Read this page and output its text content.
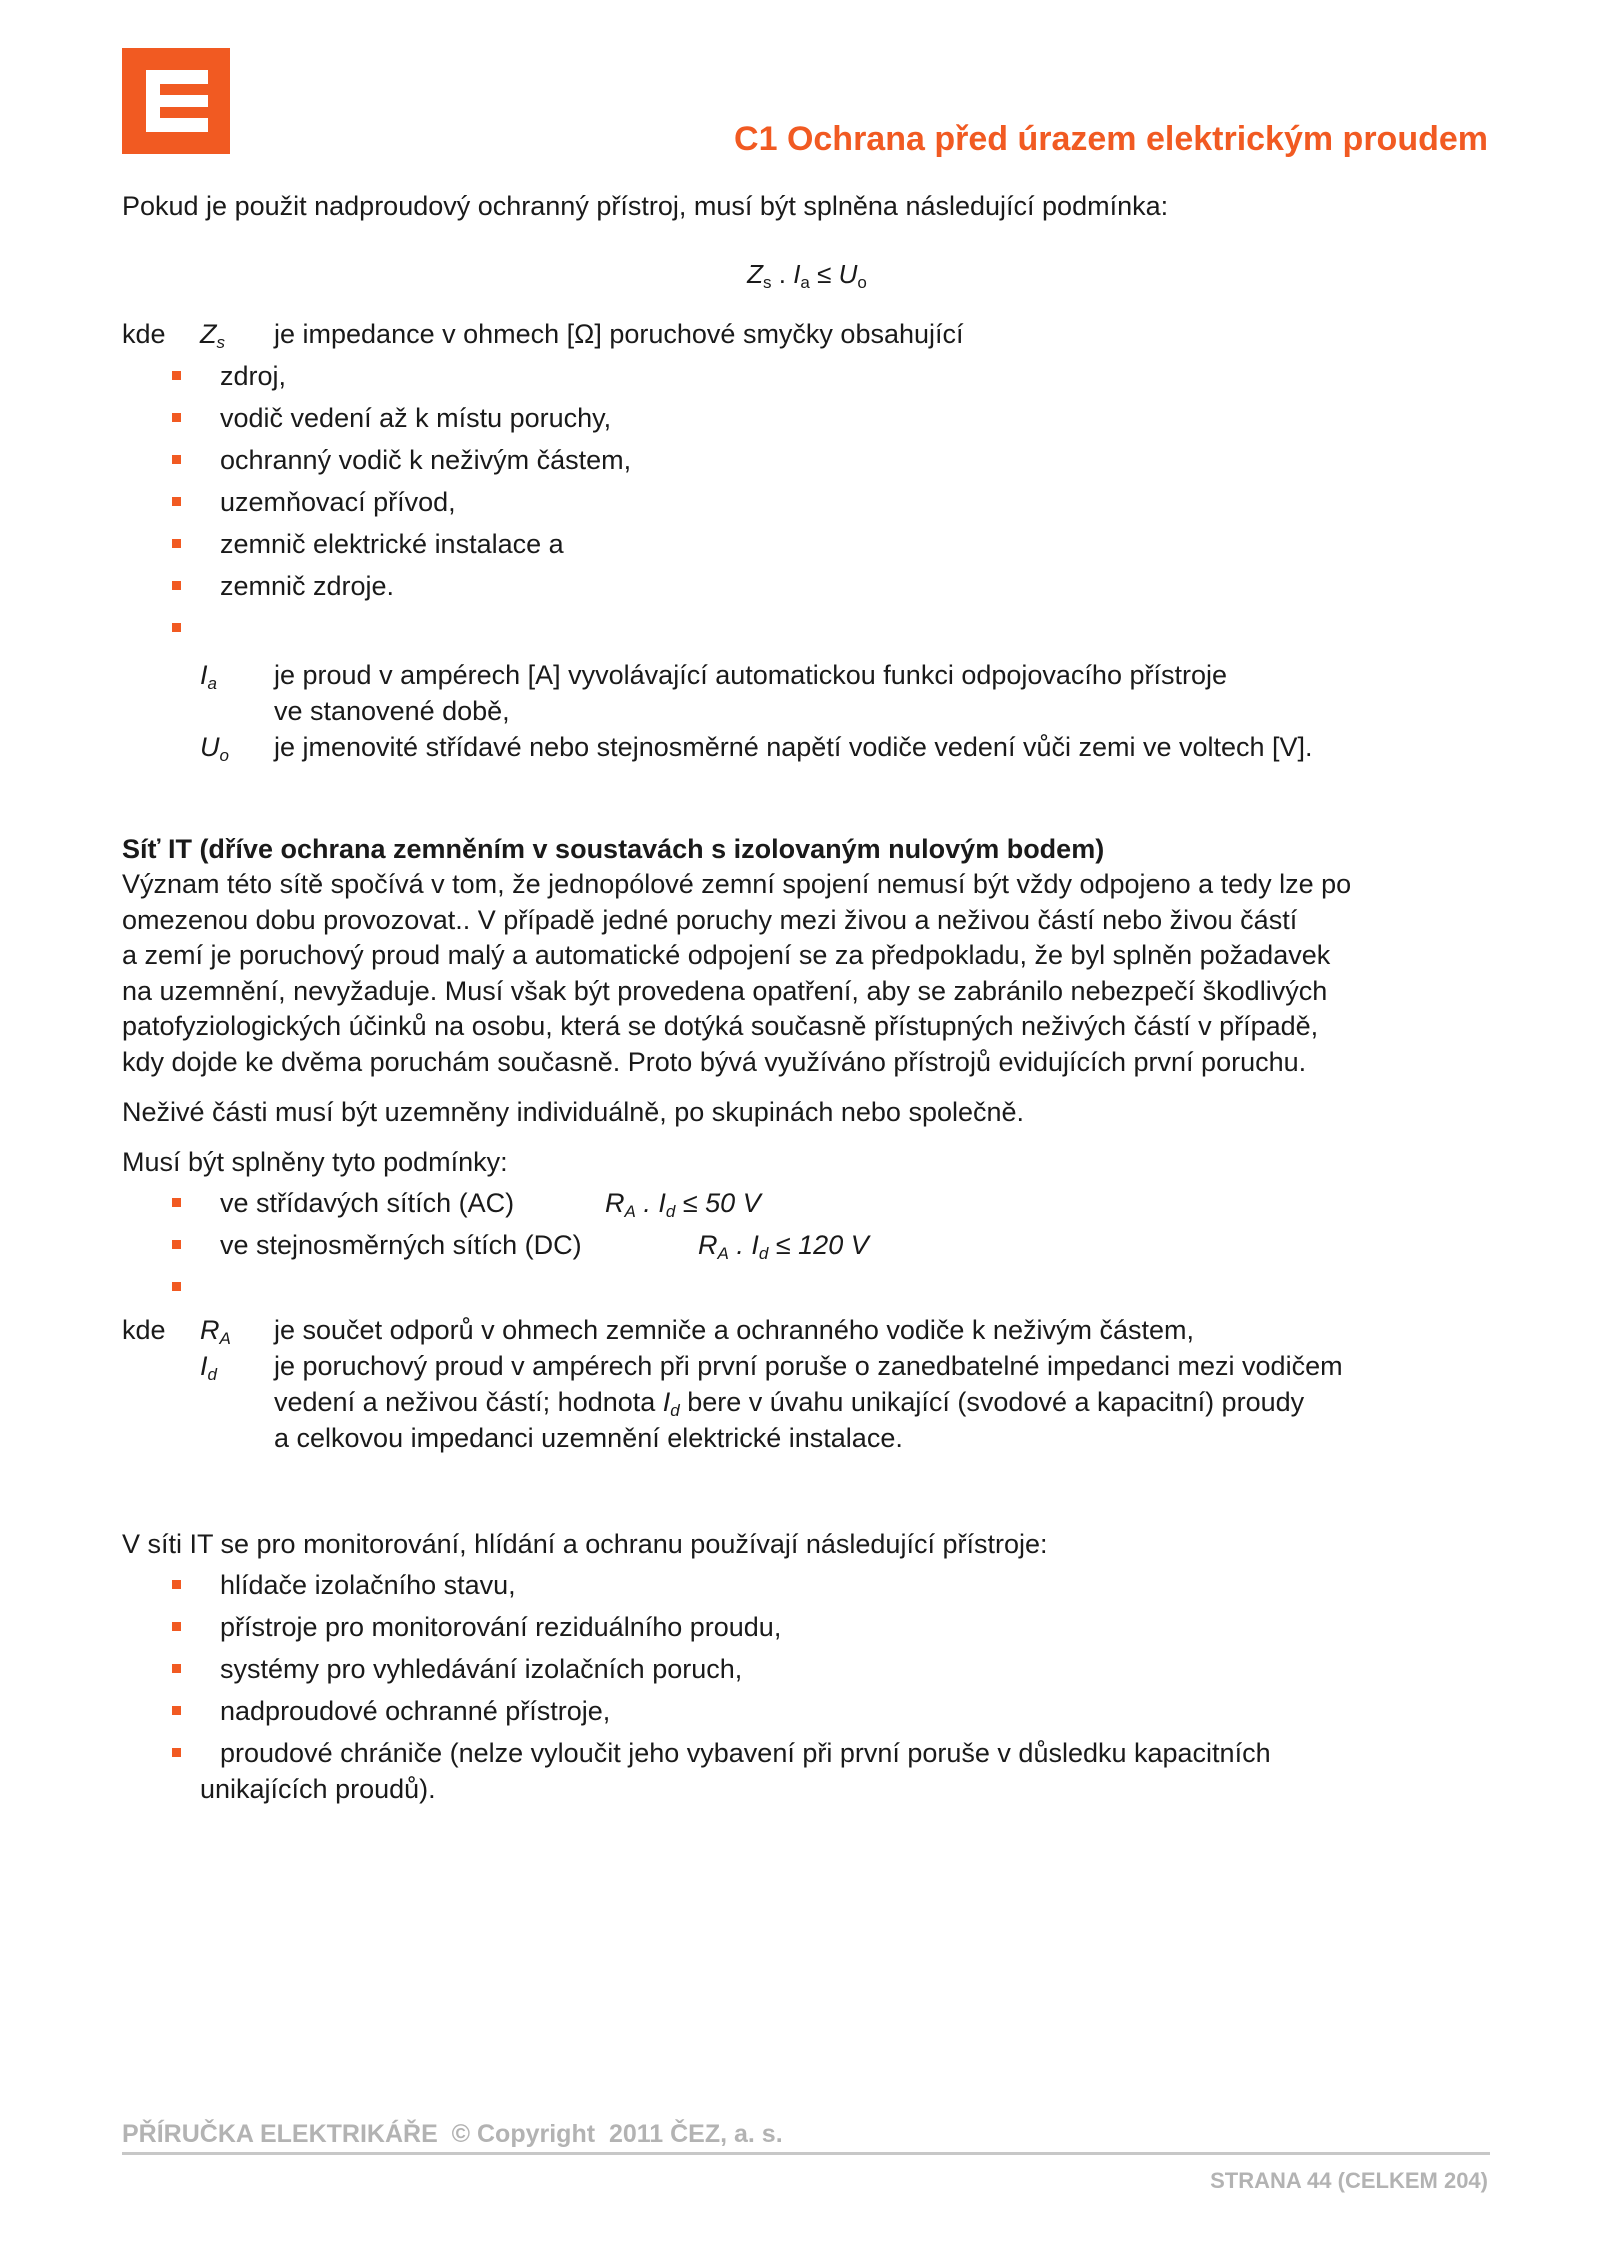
C1 Ochrana před úrazem elektrickým proudem

Pokud je použit nadproudový ochranný přístroj, musí být splněna následující podmínka:

$Z_s$ . $I_a \le U_o$
kde	$Z_s$	je impedance v ohmech [Ω] poruchové smyčky obsahující
zdroj,
vodič vedení až k místu poruchy,
ochranný vodič k neživým částem,
uzemňovací přívod,
zemnič elektrické instalace a
zemnič zdroje.
$I_a$	je proud v ampérech [A] vyvolávající automatickou funkci odpojovacího přístroje
ve stanovené době,
$U_o$	je jmenovité střídavé nebo stejnosměrné napětí vodiče vedení vůči zemi ve voltech [V].

Síť IT (dříve ochrana zemněním v soustavách s izolovaným nulovým bodem)

Význam této sítě spočívá v tom, že jednopólové zemní spojení nemusí být vždy odpojeno a tedy lze po
omezenou dobu provozovat.. V případě jedné poruchy mezi živou a neživou částí nebo živou částí
a zemí je poruchový proud malý a automatické odpojení se za předpokladu, že byl splněn požadavek
na uzemnění, nevyžaduje. Musí však být provedena opatření, aby se zabránilo nebezpečí škodlivých
patofyziologických účinků na osobu, která se dotýká současně přístupných neživých částí v případě,
kdy dojde ke dvěma poruchám současně. Proto bývá využíváno přístrojů evidujících první poruchu.

Neživé části musí být uzemněny individuálně, po skupinách nebo společně.

Musí být splněny tyto podmínky:

ve střídavých sítích (AC)	$R_A$ . $I_d \le 50$ V
ve stejnosměrných sítích (DC)	$R_A$ . $I_d \le 120$ V
kde	$R_A$	je součet odporů v ohmech zemniče a ochranného vodiče k neživým částem,
$I_d$	je poruchový proud v ampérech při první poruše o zanedbatelné impedanci mezi vodičem
vedení a neživou částí; hodnota $I_d$ bere v úvahu unikající (svodové a kapacitní) proudy
a celkovou impedanci uzemnění elektrické instalace.

V síti IT se pro monitorování, hlídání a ochranu používají následující přístroje:

hlídače izolačního stavu,
přístroje pro monitorování reziduálního proudu,
systémy pro vyhledávání izolačních poruch,
nadproudové ochranné přístroje,
proudové chrániče (nelze vyloučit jeho vybavení při první poruše v důsledku kapacitních
unikajících proudů).
PŘÍRUČKA ELEKTRIKÁŘE  © Copyright  2011 ČEZ, a. s.
STRANA 44 (CELKEM 204)
